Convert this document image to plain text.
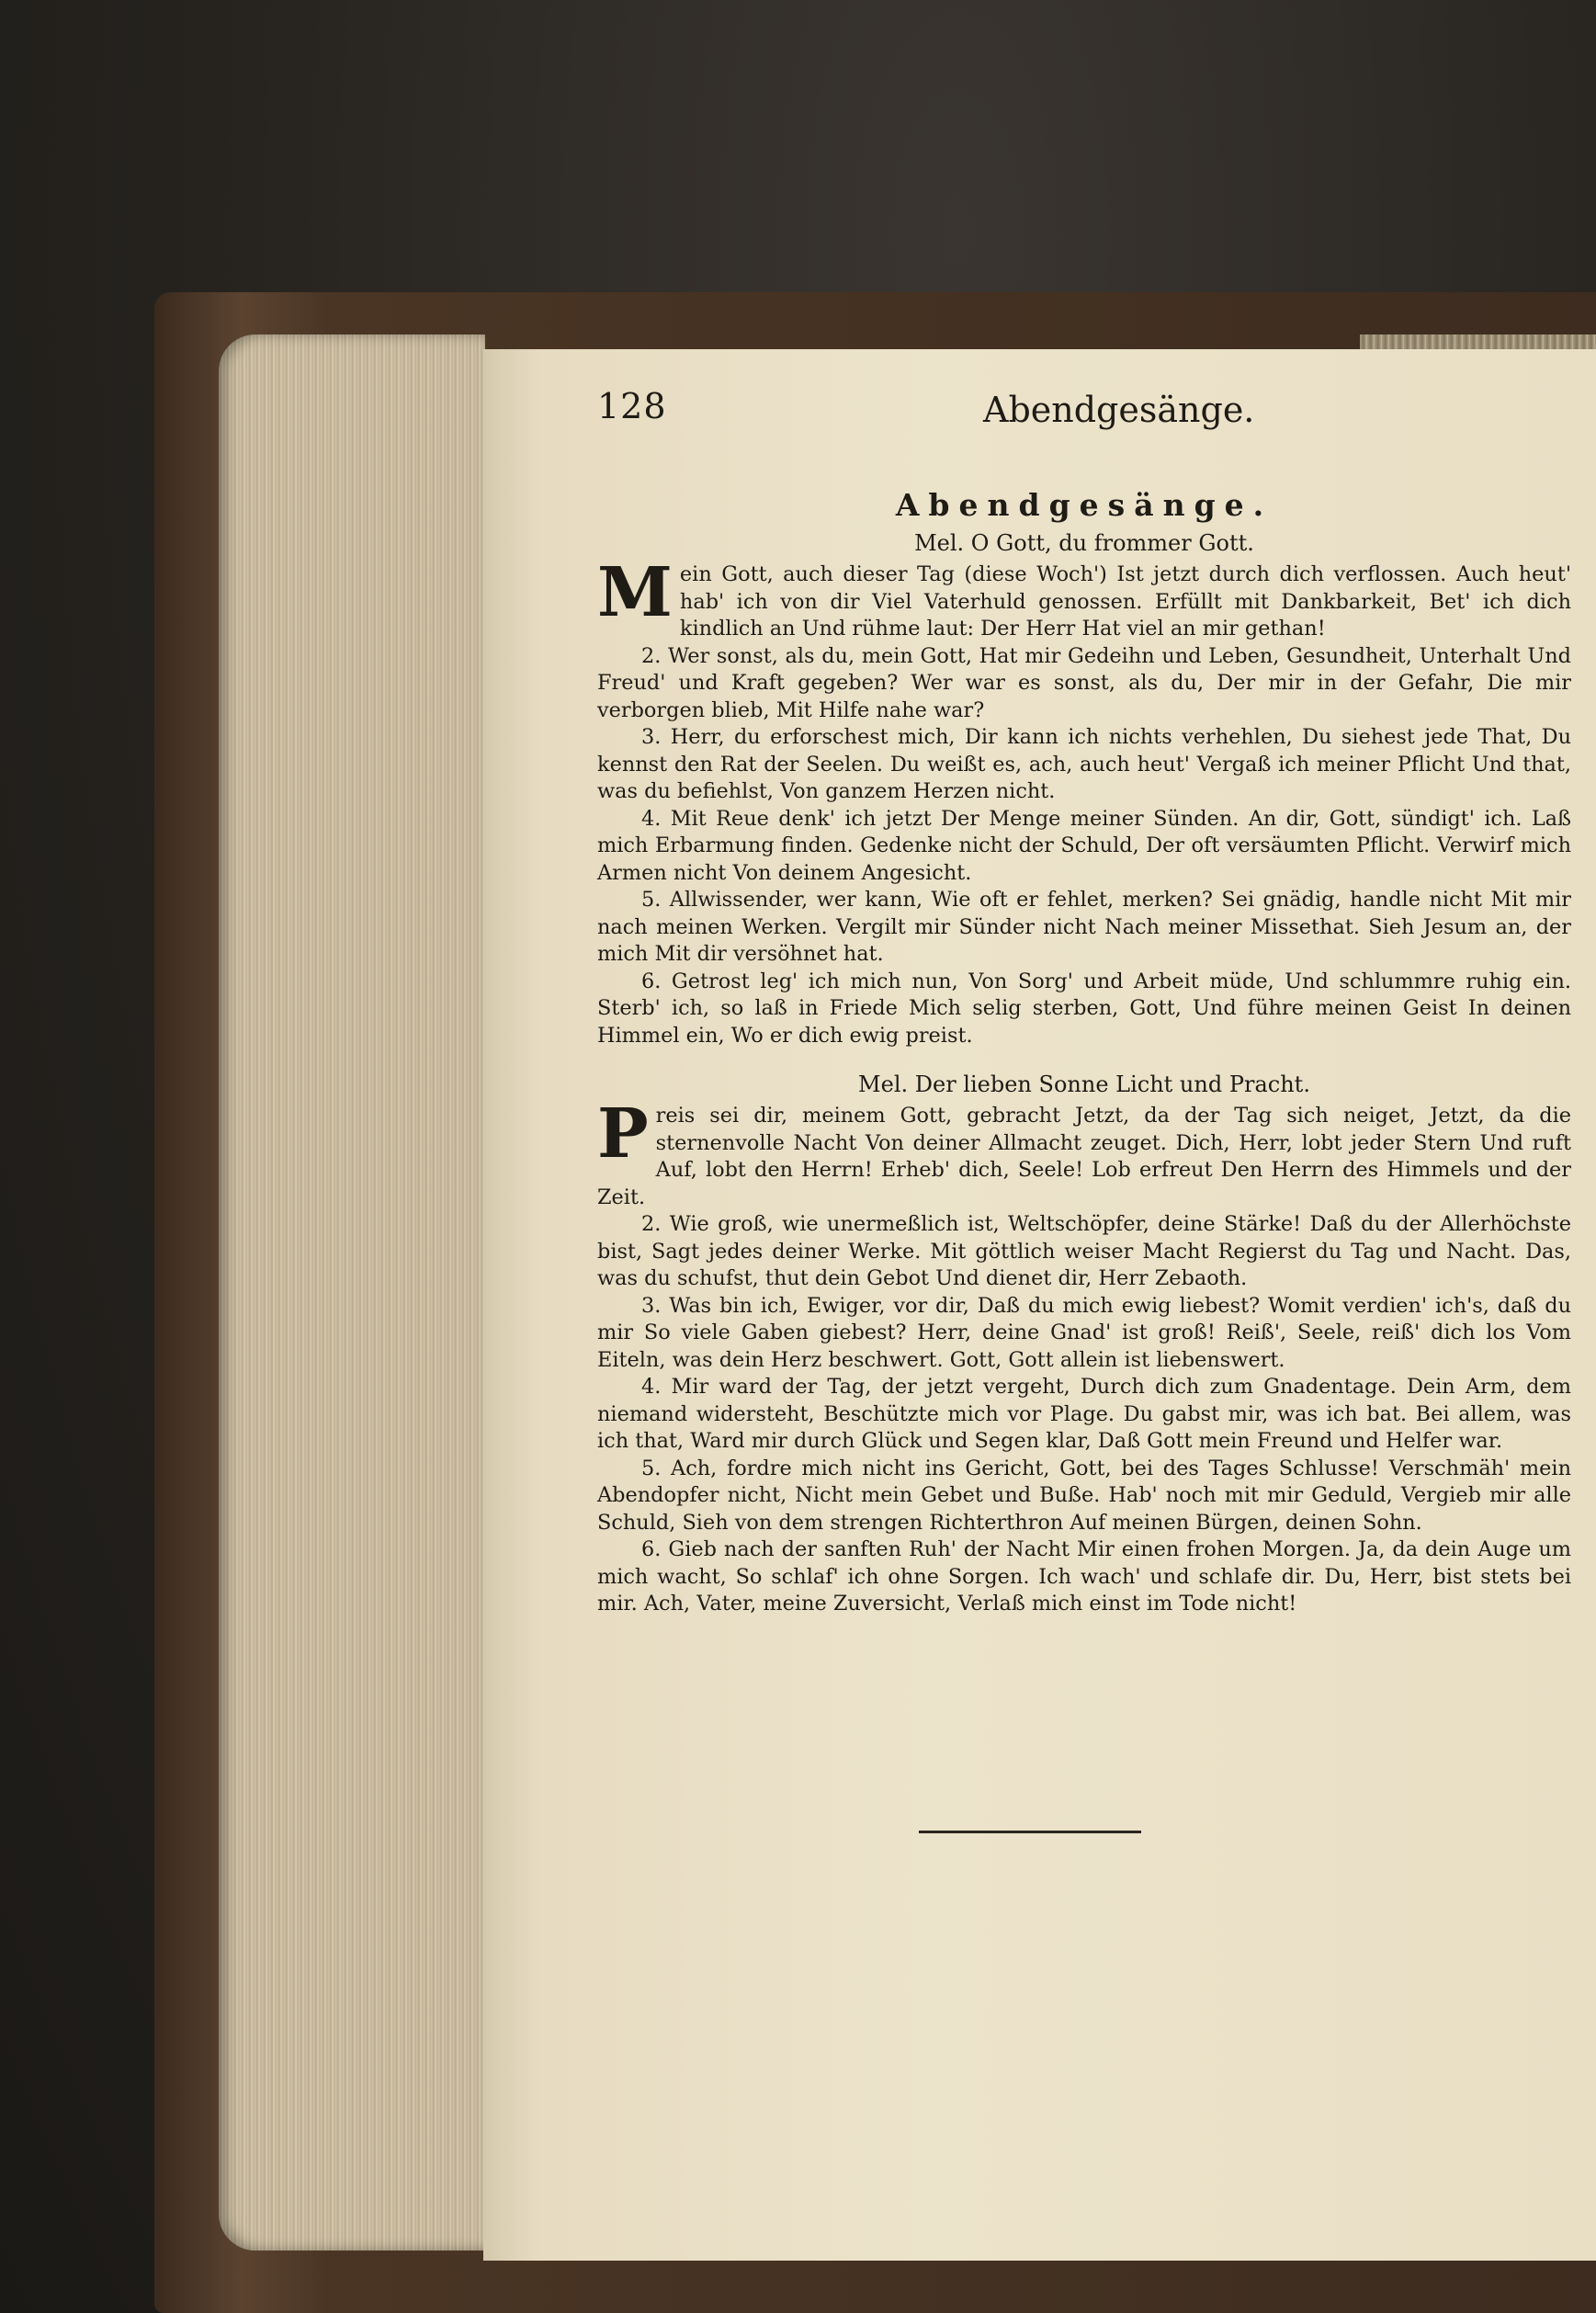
128	Abendgesänge.
Abendgesänge.
Mel. O Gott, du frommer Gott.

Mein Gott, auch dieser Tag (diese Woch') Ist jetzt durch dich verflossen. Auch heut' hab' ich von dir Viel Vaterhuld genossen. Erfüllt mit Dankbarkeit, Bet' ich dich kindlich an Und rühme laut: Der Herr Hat viel an mir gethan!

2. Wer sonst, als du, mein Gott, Hat mir Gedeihn und Leben, Gesundheit, Unterhalt Und Freud' und Kraft gegeben? Wer war es sonst, als du, Der mir in der Gefahr, Die mir verborgen blieb, Mit Hilfe nahe war?

3. Herr, du erforschest mich, Dir kann ich nichts verhehlen, Du siehest jede That, Du kennst den Rat der Seelen. Du weißt es, ach, auch heut' Vergaß ich meiner Pflicht Und that, was du befiehlst, Von ganzem Herzen nicht.

4. Mit Reue denk' ich jetzt Der Menge meiner Sünden. An dir, Gott, sündigt' ich. Laß mich Erbarmung finden. Gedenke nicht der Schuld, Der oft versäumten Pflicht. Verwirf mich Armen nicht Von deinem Angesicht.

5. Allwissender, wer kann, Wie oft er fehlet, merken? Sei gnädig, handle nicht Mit mir nach meinen Werken. Vergilt mir Sünder nicht Nach meiner Missethat. Sieh Jesum an, der mich Mit dir versöhnet hat.

6. Getrost leg' ich mich nun, Von Sorg' und Arbeit müde, Und schlummre ruhig ein. Sterb' ich, so laß in Friede Mich selig sterben, Gott, Und führe meinen Geist In deinen Himmel ein, Wo er dich ewig preist.

Mel. Der lieben Sonne Licht und Pracht.

Preis sei dir, meinem Gott, gebracht Jetzt, da der Tag sich neiget, Jetzt, da die sternenvolle Nacht Von deiner Allmacht zeuget. Dich, Herr, lobt jeder Stern Und ruft Auf, lobt den Herrn! Erheb' dich, Seele! Lob erfreut Den Herrn des Himmels und der Zeit.

2. Wie groß, wie unermeßlich ist, Weltschöpfer, deine Stärke! Daß du der Allerhöchste bist, Sagt jedes deiner Werke. Mit göttlich weiser Macht Regierst du Tag und Nacht. Das, was du schufst, thut dein Gebot Und dienet dir, Herr Zebaoth.

3. Was bin ich, Ewiger, vor dir, Daß du mich ewig liebest? Womit verdien' ich's, daß du mir So viele Gaben giebest? Herr, deine Gnad' ist groß! Reiß', Seele, reiß' dich los Vom Eiteln, was dein Herz beschwert. Gott, Gott allein ist liebenswert.

4. Mir ward der Tag, der jetzt vergeht, Durch dich zum Gnadentage. Dein Arm, dem niemand widersteht, Beschützte mich vor Plage. Du gabst mir, was ich bat. Bei allem, was ich that, Ward mir durch Glück und Segen klar, Daß Gott mein Freund und Helfer war.

5. Ach, fordre mich nicht ins Gericht, Gott, bei des Tages Schlusse! Verschmäh' mein Abendopfer nicht, Nicht mein Gebet und Buße. Hab' noch mit mir Geduld, Vergieb mir alle Schuld, Sieh von dem strengen Richterthron Auf meinen Bürgen, deinen Sohn.

6. Gieb nach der sanften Ruh' der Nacht Mir einen frohen Morgen. Ja, da dein Auge um mich wacht, So schlaf' ich ohne Sorgen. Ich wach' und schlafe dir. Du, Herr, bist stets bei mir. Ach, Vater, meine Zuversicht, Verlaß mich einst im Tode nicht!
